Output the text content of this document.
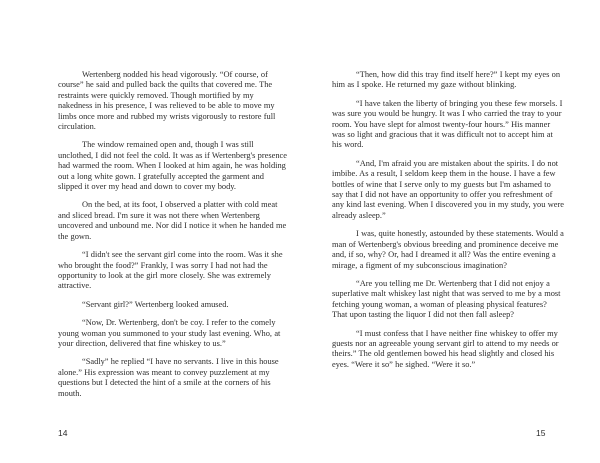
Wertenberg nodded his head vigorously. “Of course, of course” he said and pulled back the quilts that covered me. The restraints were quickly removed. Though mortified by my nakedness in his presence, I was relieved to be able to move my limbs once more and rubbed my wrists vigorously to restore full circulation.

The window remained open and, though I was still unclothed, I did not feel the cold. It was as if Wertenberg's presence had warmed the room. When I looked at him again, he was holding out a long white gown. I gratefully accepted the garment and slipped it over my head and down to cover my body.

On the bed, at its foot, I observed a platter with cold meat and sliced bread. I'm sure it was not there when Wertenberg uncovered and unbound me. Nor did I notice it when he handed me the gown.

“I didn't see the servant girl come into the room. Was it she who brought the food?” Frankly, I was sorry I had not had the opportunity to look at the girl more closely. She was extremely attractive.

“Servant girl?” Wertenberg looked amused.

“Now, Dr. Wertenberg, don't be coy. I refer to the comely young woman you summoned to your study last evening. Who, at your direction, delivered that fine whiskey to us.”

“Sadly” he replied “I have no servants. I live in this house alone.” His expression was meant to convey puzzlement at my questions but I detected the hint of a smile at the corners of his mouth.

“Then, how did this tray find itself here?” I kept my eyes on him as I spoke. He returned my gaze without blinking.

“I have taken the liberty of bringing you these few morsels. I was sure you would be hungry. It was I who carried the tray to your room. You have slept for almost twenty-four hours.” His manner was so light and gracious that it was difficult not to accept him at his word.

“And, I'm afraid you are mistaken about the spirits. I do not imbibe. As a result, I seldom keep them in the house. I have a few bottles of wine that I serve only to my guests but I'm ashamed to say that I did not have an opportunity to offer you refreshment of any kind last evening. When I discovered you in my study, you were already asleep.”

I was, quite honestly, astounded by these statements. Would a man of Wertenberg's obvious breeding and prominence deceive me and, if so, why? Or, had I dreamed it all? Was the entire evening a mirage, a figment of my subconscious imagination?

“Are you telling me Dr. Wertenberg that I did not enjoy a superlative malt whiskey last night that was served to me by a most fetching young woman, a woman of pleasing physical features? That upon tasting the liquor I did not then fall asleep?

“I must confess that I have neither fine whiskey to offer my guests nor an agreeable young servant girl to attend to my needs or theirs.” The old gentlemen bowed his head slightly and closed his eyes. “Were it so” he sighed. “Were it so.”

14	15
